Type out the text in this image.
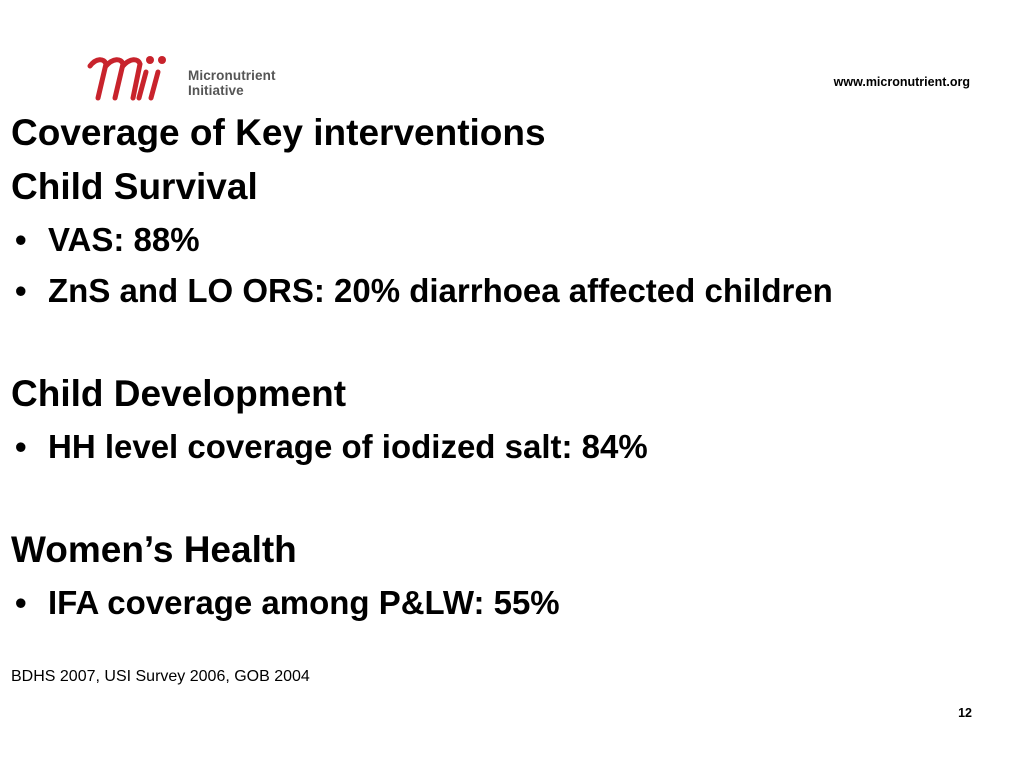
Micronutrient
Initiative
www.micronutrient.org
Coverage of Key interventions
Child Survival
• VAS: 88%
• ZnS and LO ORS: 20% diarrhoea affected children
Child Development
• HH level coverage of iodized salt: 84%
Women’s Health
• IFA coverage among P&LW: 55%
BDHS 2007, USI Survey 2006, GOB 2004
12
